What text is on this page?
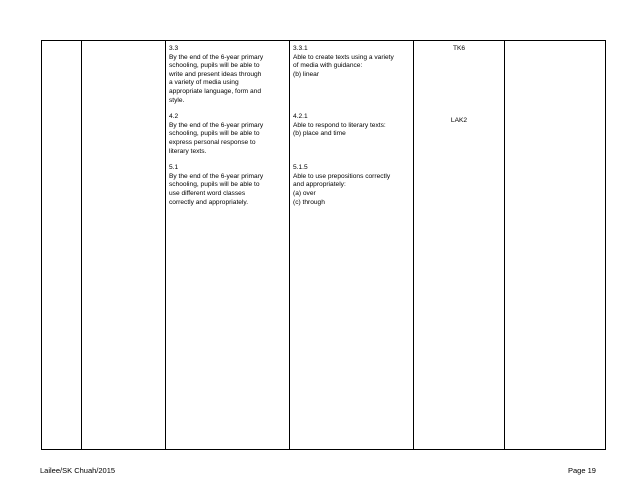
3.3
By the end of the 6-year primary
schooling, pupils will be able to
write and present ideas through
a variety of media using
appropriate language, form and
style.
4.2
By the end of the 6-year primary
schooling, pupils will be able to
express personal response to
literary texts.
5.1
By the end of the 6-year primary
schooling, pupils will be able to
use different word classes
correctly and appropriately.

3.3.1
Able to create texts using a variety
of media with guidance:
(b) linear
4.2.1
Able to respond to literary texts:
(b) place and time
5.1.5
Able to use prepositions correctly
and appropriately:
(a) over
(c) through

TK6
LAK2

Lailee/SK Chuah/2015	Page 19
